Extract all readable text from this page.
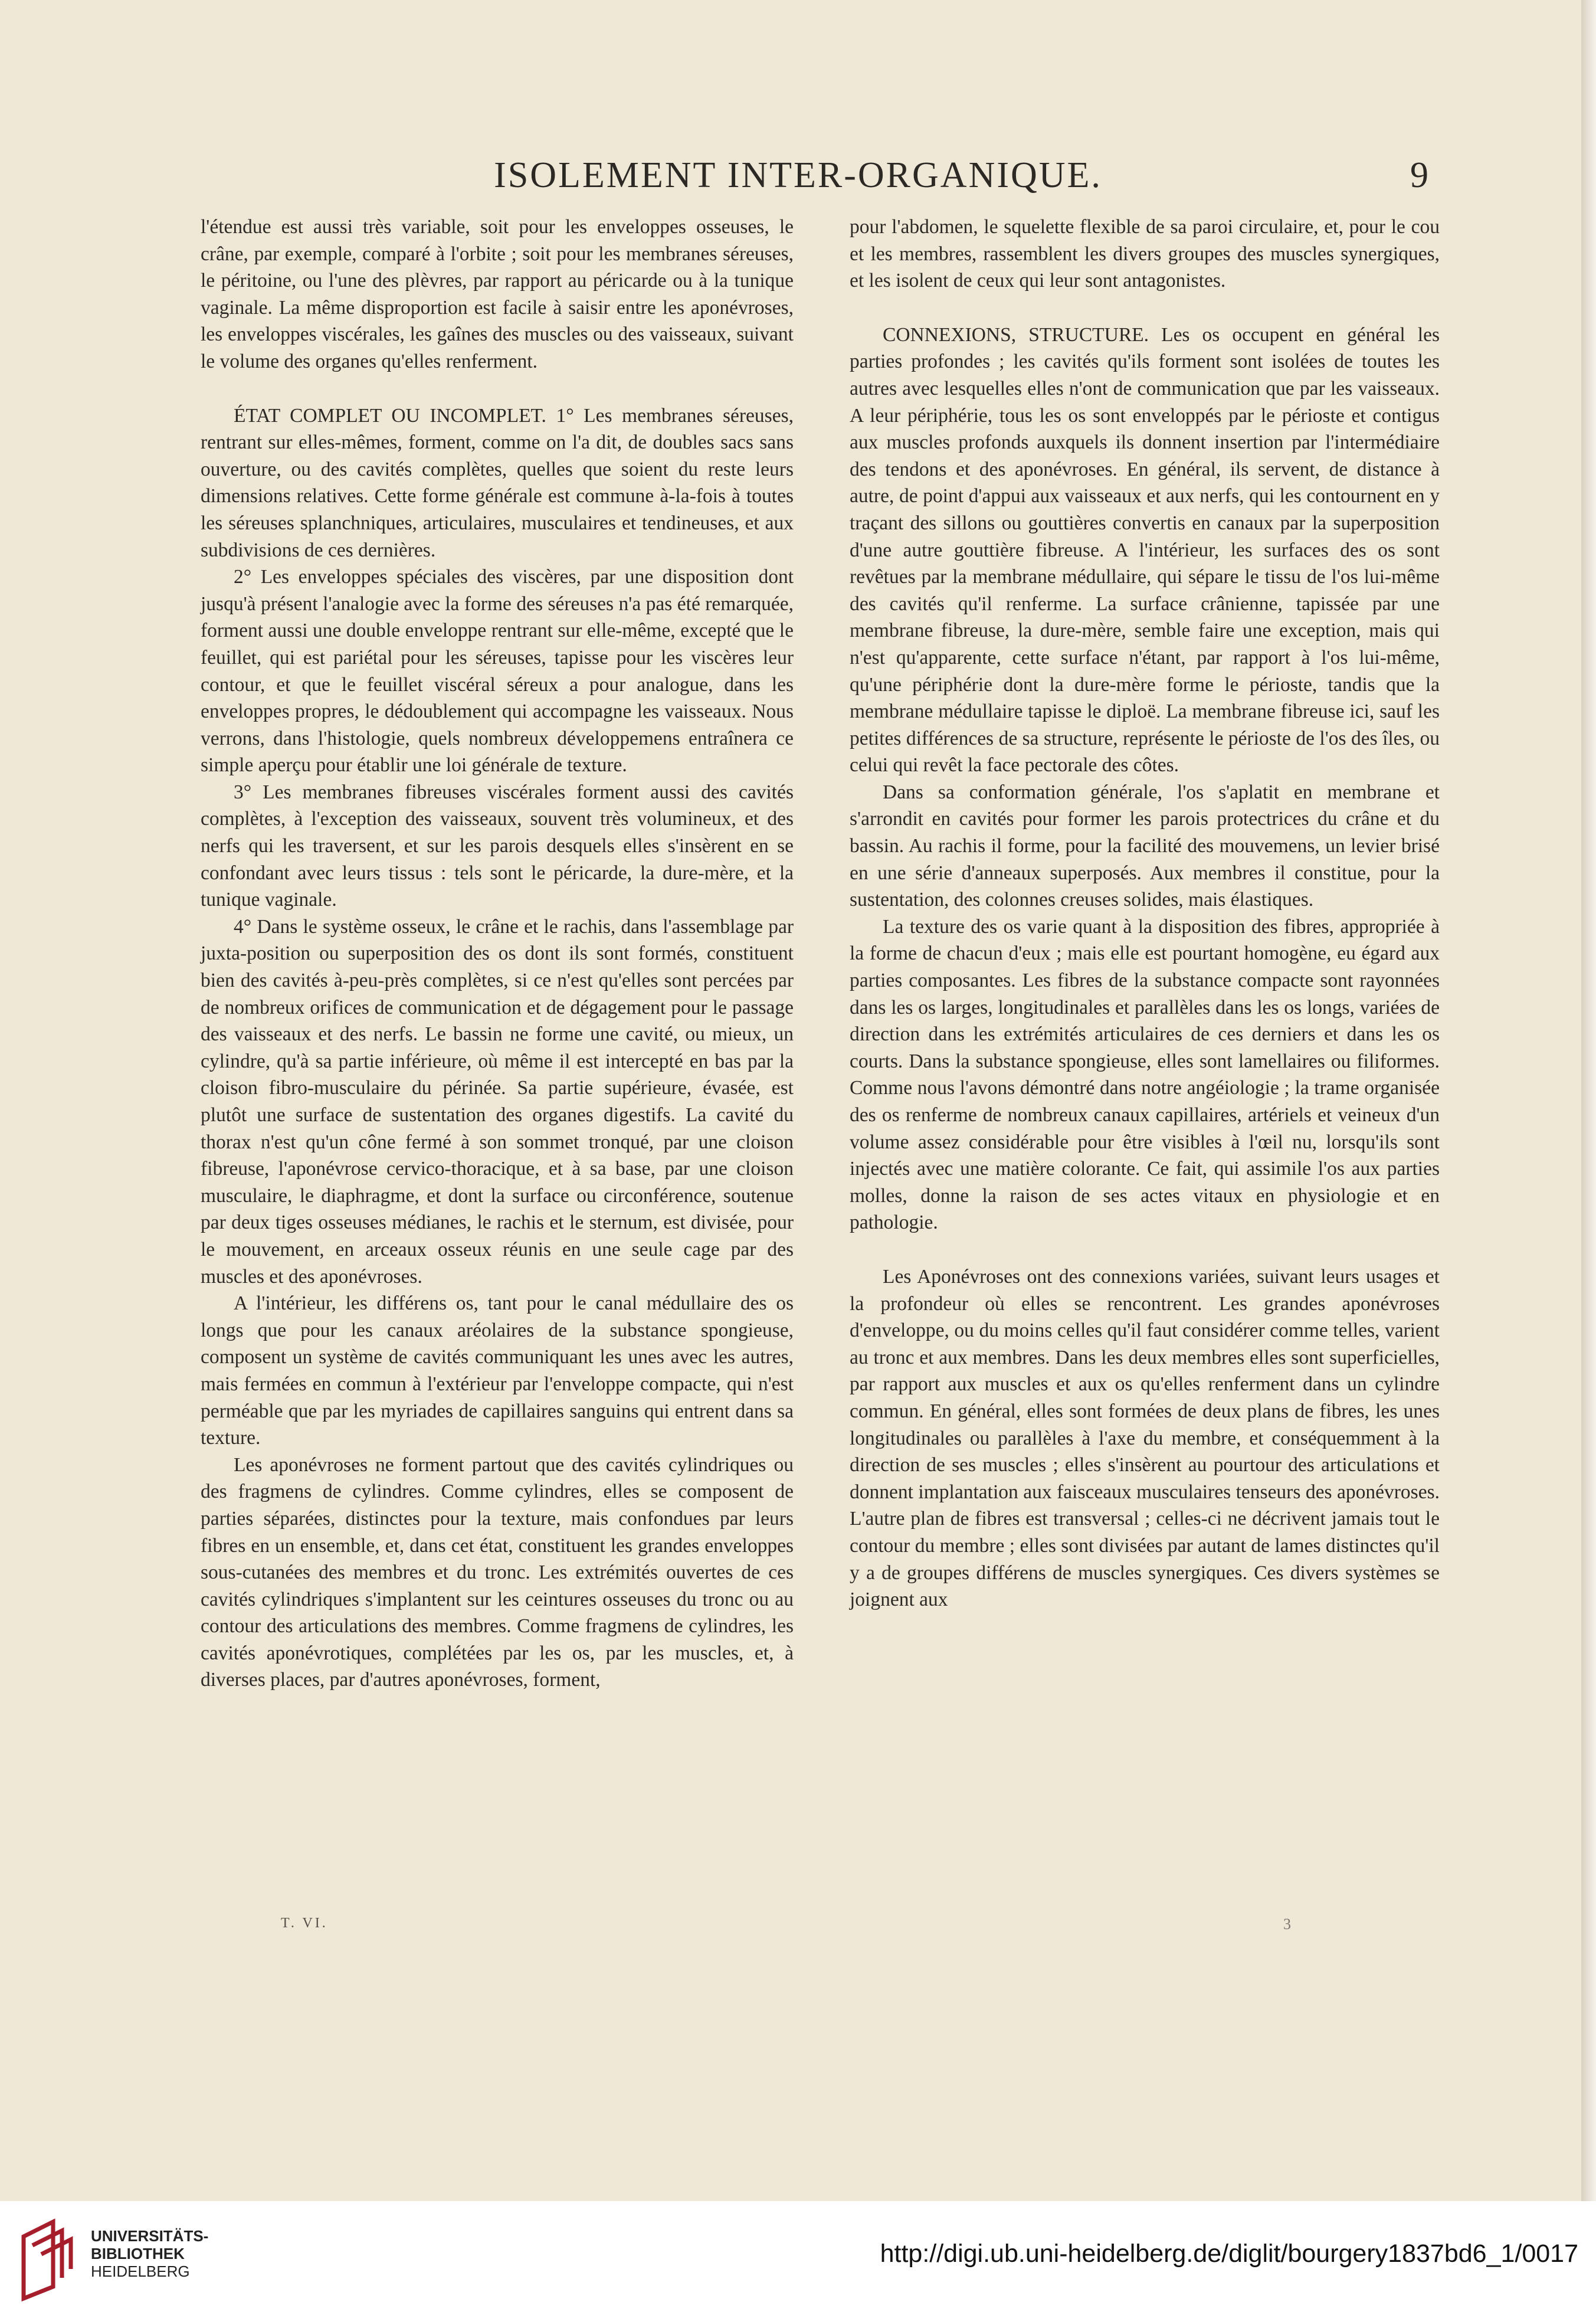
ISOLEMENT INTER-ORGANIQUE.	9

l'étendue est aussi très variable, soit pour les enveloppes osseuses, le crâne, par exemple, comparé à l'orbite ; soit pour les membranes séreuses, le péritoine, ou l'une des plèvres, par rapport au péricarde ou à la tunique vaginale. La même disproportion est facile à saisir entre les aponévroses, les enveloppes viscérales, les gaînes des muscles ou des vaisseaux, suivant le volume des organes qu'elles renferment.

ÉTAT COMPLET OU INCOMPLET. 1° Les membranes séreuses, rentrant sur elles-mêmes, forment, comme on l'a dit, de doubles sacs sans ouverture, ou des cavités complètes, quelles que soient du reste leurs dimensions relatives. Cette forme générale est commune à-la-fois à toutes les séreuses splanchniques, articulaires, musculaires et tendineuses, et aux subdivisions de ces dernières.

2° Les enveloppes spéciales des viscères, par une disposition dont jusqu'à présent l'analogie avec la forme des séreuses n'a pas été remarquée, forment aussi une double enveloppe rentrant sur elle-même, excepté que le feuillet, qui est pariétal pour les séreuses, tapisse pour les viscères leur contour, et que le feuillet viscéral séreux a pour analogue, dans les enveloppes propres, le dédoublement qui accompagne les vaisseaux. Nous verrons, dans l'histologie, quels nombreux développemens entraînera ce simple aperçu pour établir une loi générale de texture.

3° Les membranes fibreuses viscérales forment aussi des cavités complètes, à l'exception des vaisseaux, souvent très volumineux, et des nerfs qui les traversent, et sur les parois desquels elles s'insèrent en se confondant avec leurs tissus : tels sont le péricarde, la dure-mère, et la tunique vaginale.

4° Dans le système osseux, le crâne et le rachis, dans l'assemblage par juxta-position ou superposition des os dont ils sont formés, constituent bien des cavités à-peu-près complètes, si ce n'est qu'elles sont percées par de nombreux orifices de communication et de dégagement pour le passage des vaisseaux et des nerfs. Le bassin ne forme une cavité, ou mieux, un cylindre, qu'à sa partie inférieure, où même il est intercepté en bas par la cloison fibro-musculaire du périnée. Sa partie supérieure, évasée, est plutôt une surface de sustentation des organes digestifs. La cavité du thorax n'est qu'un cône fermé à son sommet tronqué, par une cloison fibreuse, l'aponévrose cervico-thoracique, et à sa base, par une cloison musculaire, le diaphragme, et dont la surface ou circonférence, soutenue par deux tiges osseuses médianes, le rachis et le sternum, est divisée, pour le mouvement, en arceaux osseux réunis en une seule cage par des muscles et des aponévroses.

A l'intérieur, les différens os, tant pour le canal médullaire des os longs que pour les canaux aréolaires de la substance spongieuse, composent un système de cavités communiquant les unes avec les autres, mais fermées en commun à l'extérieur par l'enveloppe compacte, qui n'est perméable que par les myriades de capillaires sanguins qui entrent dans sa texture.

Les aponévroses ne forment partout que des cavités cylindriques ou des fragmens de cylindres. Comme cylindres, elles se composent de parties séparées, distinctes pour la texture, mais confondues par leurs fibres en un ensemble, et, dans cet état, constituent les grandes enveloppes sous-cutanées des membres et du tronc. Les extrémités ouvertes de ces cavités cylindriques s'implantent sur les ceintures osseuses du tronc ou au contour des articulations des membres. Comme fragmens de cylindres, les cavités aponévrotiques, complétées par les os, par les muscles, et, à diverses places, par d'autres aponévroses, forment,

pour l'abdomen, le squelette flexible de sa paroi circulaire, et, pour le cou et les membres, rassemblent les divers groupes des muscles synergiques, et les isolent de ceux qui leur sont antagonistes.

CONNEXIONS, STRUCTURE. Les os occupent en général les parties profondes ; les cavités qu'ils forment sont isolées de toutes les autres avec lesquelles elles n'ont de communication que par les vaisseaux. A leur périphérie, tous les os sont enveloppés par le périoste et contigus aux muscles profonds auxquels ils donnent insertion par l'intermédiaire des tendons et des aponévroses. En général, ils servent, de distance à autre, de point d'appui aux vaisseaux et aux nerfs, qui les contournent en y traçant des sillons ou gouttières convertis en canaux par la superposition d'une autre gouttière fibreuse. A l'intérieur, les surfaces des os sont revêtues par la membrane médullaire, qui sépare le tissu de l'os lui-même des cavités qu'il renferme. La surface crânienne, tapissée par une membrane fibreuse, la dure-mère, semble faire une exception, mais qui n'est qu'apparente, cette surface n'étant, par rapport à l'os lui-même, qu'une périphérie dont la dure-mère forme le périoste, tandis que la membrane médullaire tapisse le diploë. La membrane fibreuse ici, sauf les petites différences de sa structure, représente le périoste de l'os des îles, ou celui qui revêt la face pectorale des côtes.

Dans sa conformation générale, l'os s'aplatit en membrane et s'arrondit en cavités pour former les parois protectrices du crâne et du bassin. Au rachis il forme, pour la facilité des mouvemens, un levier brisé en une série d'anneaux superposés. Aux membres il constitue, pour la sustentation, des colonnes creuses solides, mais élastiques.

La texture des os varie quant à la disposition des fibres, appropriée à la forme de chacun d'eux ; mais elle est pourtant homogène, eu égard aux parties composantes. Les fibres de la substance compacte sont rayonnées dans les os larges, longitudinales et parallèles dans les os longs, variées de direction dans les extrémités articulaires de ces derniers et dans les os courts. Dans la substance spongieuse, elles sont lamellaires ou filiformes. Comme nous l'avons démontré dans notre angéiologie ; la trame organisée des os renferme de nombreux canaux capillaires, artériels et veineux d'un volume assez considérable pour être visibles à l'œil nu, lorsqu'ils sont injectés avec une matière colorante. Ce fait, qui assimile l'os aux parties molles, donne la raison de ses actes vitaux en physiologie et en pathologie.

Les Aponévroses ont des connexions variées, suivant leurs usages et la profondeur où elles se rencontrent. Les grandes aponévroses d'enveloppe, ou du moins celles qu'il faut considérer comme telles, varient au tronc et aux membres. Dans les deux membres elles sont superficielles, par rapport aux muscles et aux os qu'elles renferment dans un cylindre commun. En général, elles sont formées de deux plans de fibres, les unes longitudinales ou parallèles à l'axe du membre, et conséquemment à la direction de ses muscles ; elles s'insèrent au pourtour des articulations et donnent implantation aux faisceaux musculaires tenseurs des aponévroses. L'autre plan de fibres est transversal ; celles-ci ne décrivent jamais tout le contour du membre ; elles sont divisées par autant de lames distinctes qu'il y a de groupes différens de muscles synergiques. Ces divers systèmes se joignent aux

T. VI.	3
UNIVERSITÄTS-
BIBLIOTHEK
HEIDELBERG
http://digi.ub.uni-heidelberg.de/diglit/bourgery1837bd6_1/0017
